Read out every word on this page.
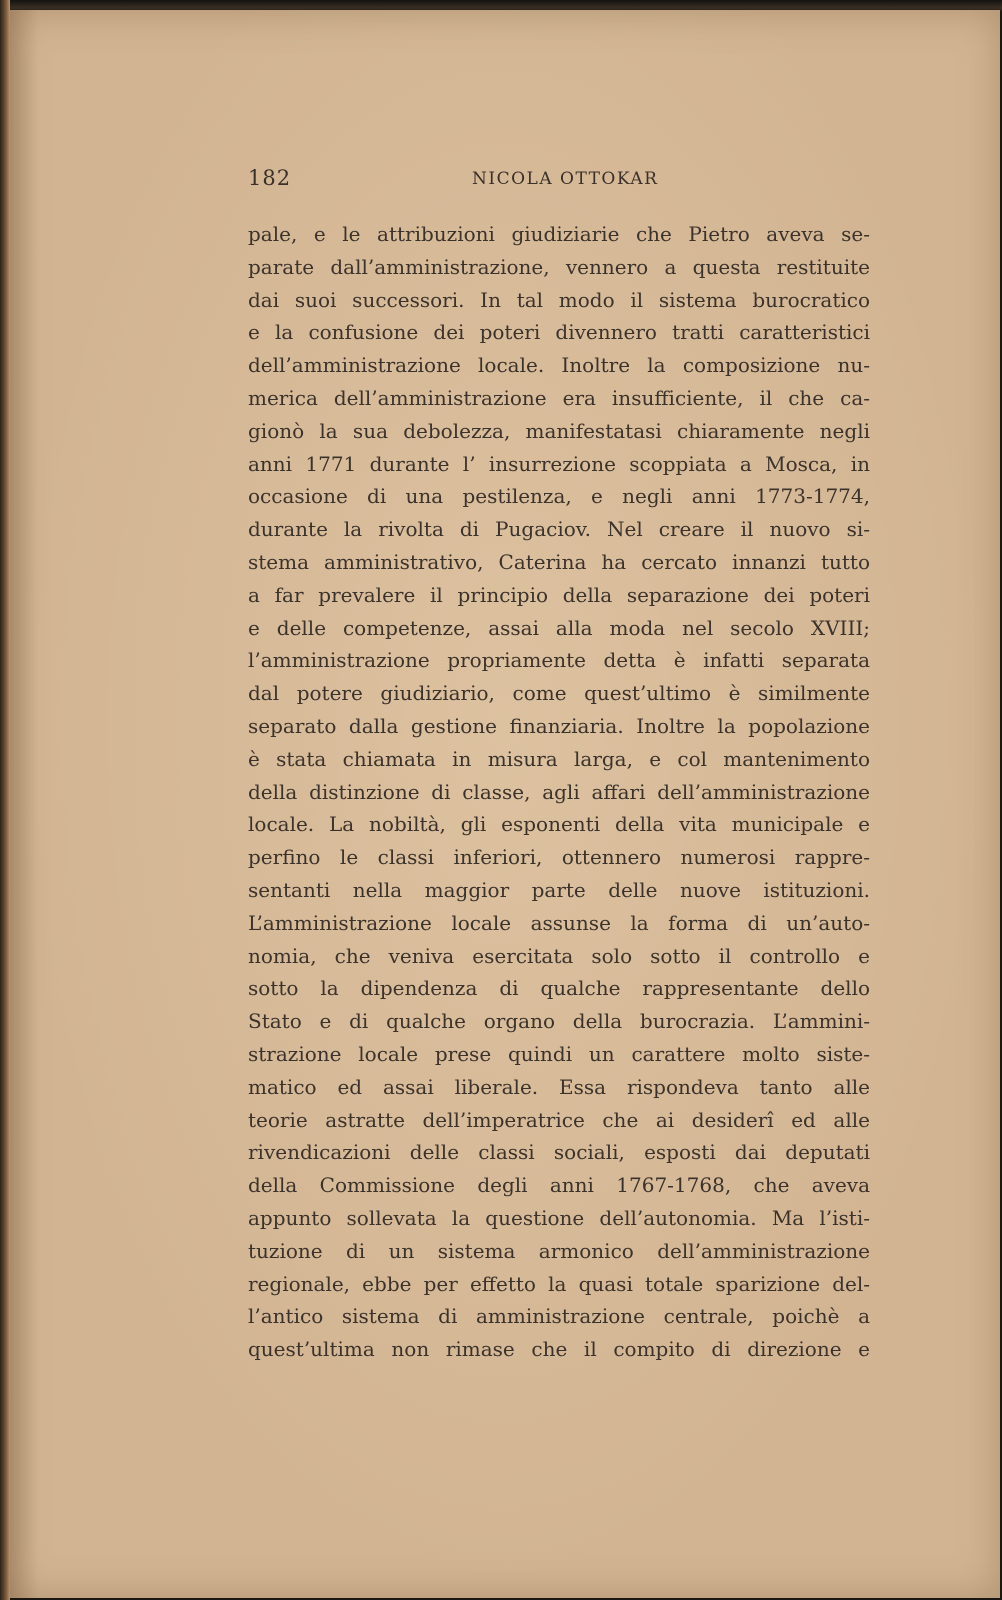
182	NICOLA OTTOKAR
pale, e le attribuzioni giudiziarie che Pietro aveva se-
parate dall’amministrazione, vennero a questa restituite
dai suoi successori. In tal modo il sistema burocratico
e la confusione dei poteri divennero tratti caratteristici
dell’amministrazione locale. Inoltre la composizione nu-
merica dell’amministrazione era insufficiente, il che ca-
gionò la sua debolezza, manifestatasi chiaramente negli
anni 1771 durante l’ insurrezione scoppiata a Mosca, in
occasione di una pestilenza, e negli anni 1773-1774,
durante la rivolta di Pugaciov. Nel creare il nuovo si-
stema amministrativo, Caterina ha cercato innanzi tutto
a far prevalere il principio della separazione dei poteri
e delle competenze, assai alla moda nel secolo XVIII;
l’amministrazione propriamente detta è infatti separata
dal potere giudiziario, come quest’ultimo è similmente
separato dalla gestione finanziaria. Inoltre la popolazione
è stata chiamata in misura larga, e col mantenimento
della distinzione di classe, agli affari dell’amministrazione
locale. La nobiltà, gli esponenti della vita municipale e
perfino le classi inferiori, ottennero numerosi rappre-
sentanti nella maggior parte delle nuove istituzioni.
L’amministrazione locale assunse la forma di un’auto-
nomia, che veniva esercitata solo sotto il controllo e
sotto la dipendenza di qualche rappresentante dello
Stato e di qualche organo della burocrazia. L’ammini-
strazione locale prese quindi un carattere molto siste-
matico ed assai liberale. Essa rispondeva tanto alle
teorie astratte dell’imperatrice che ai desiderî ed alle
rivendicazioni delle classi sociali, esposti dai deputati
della Commissione degli anni 1767-1768, che aveva
appunto sollevata la questione dell’autonomia. Ma l’isti-
tuzione di un sistema armonico dell’amministrazione
regionale, ebbe per effetto la quasi totale sparizione del-
l’antico sistema di amministrazione centrale, poichè a
quest’ultima non rimase che il compito di direzione e
